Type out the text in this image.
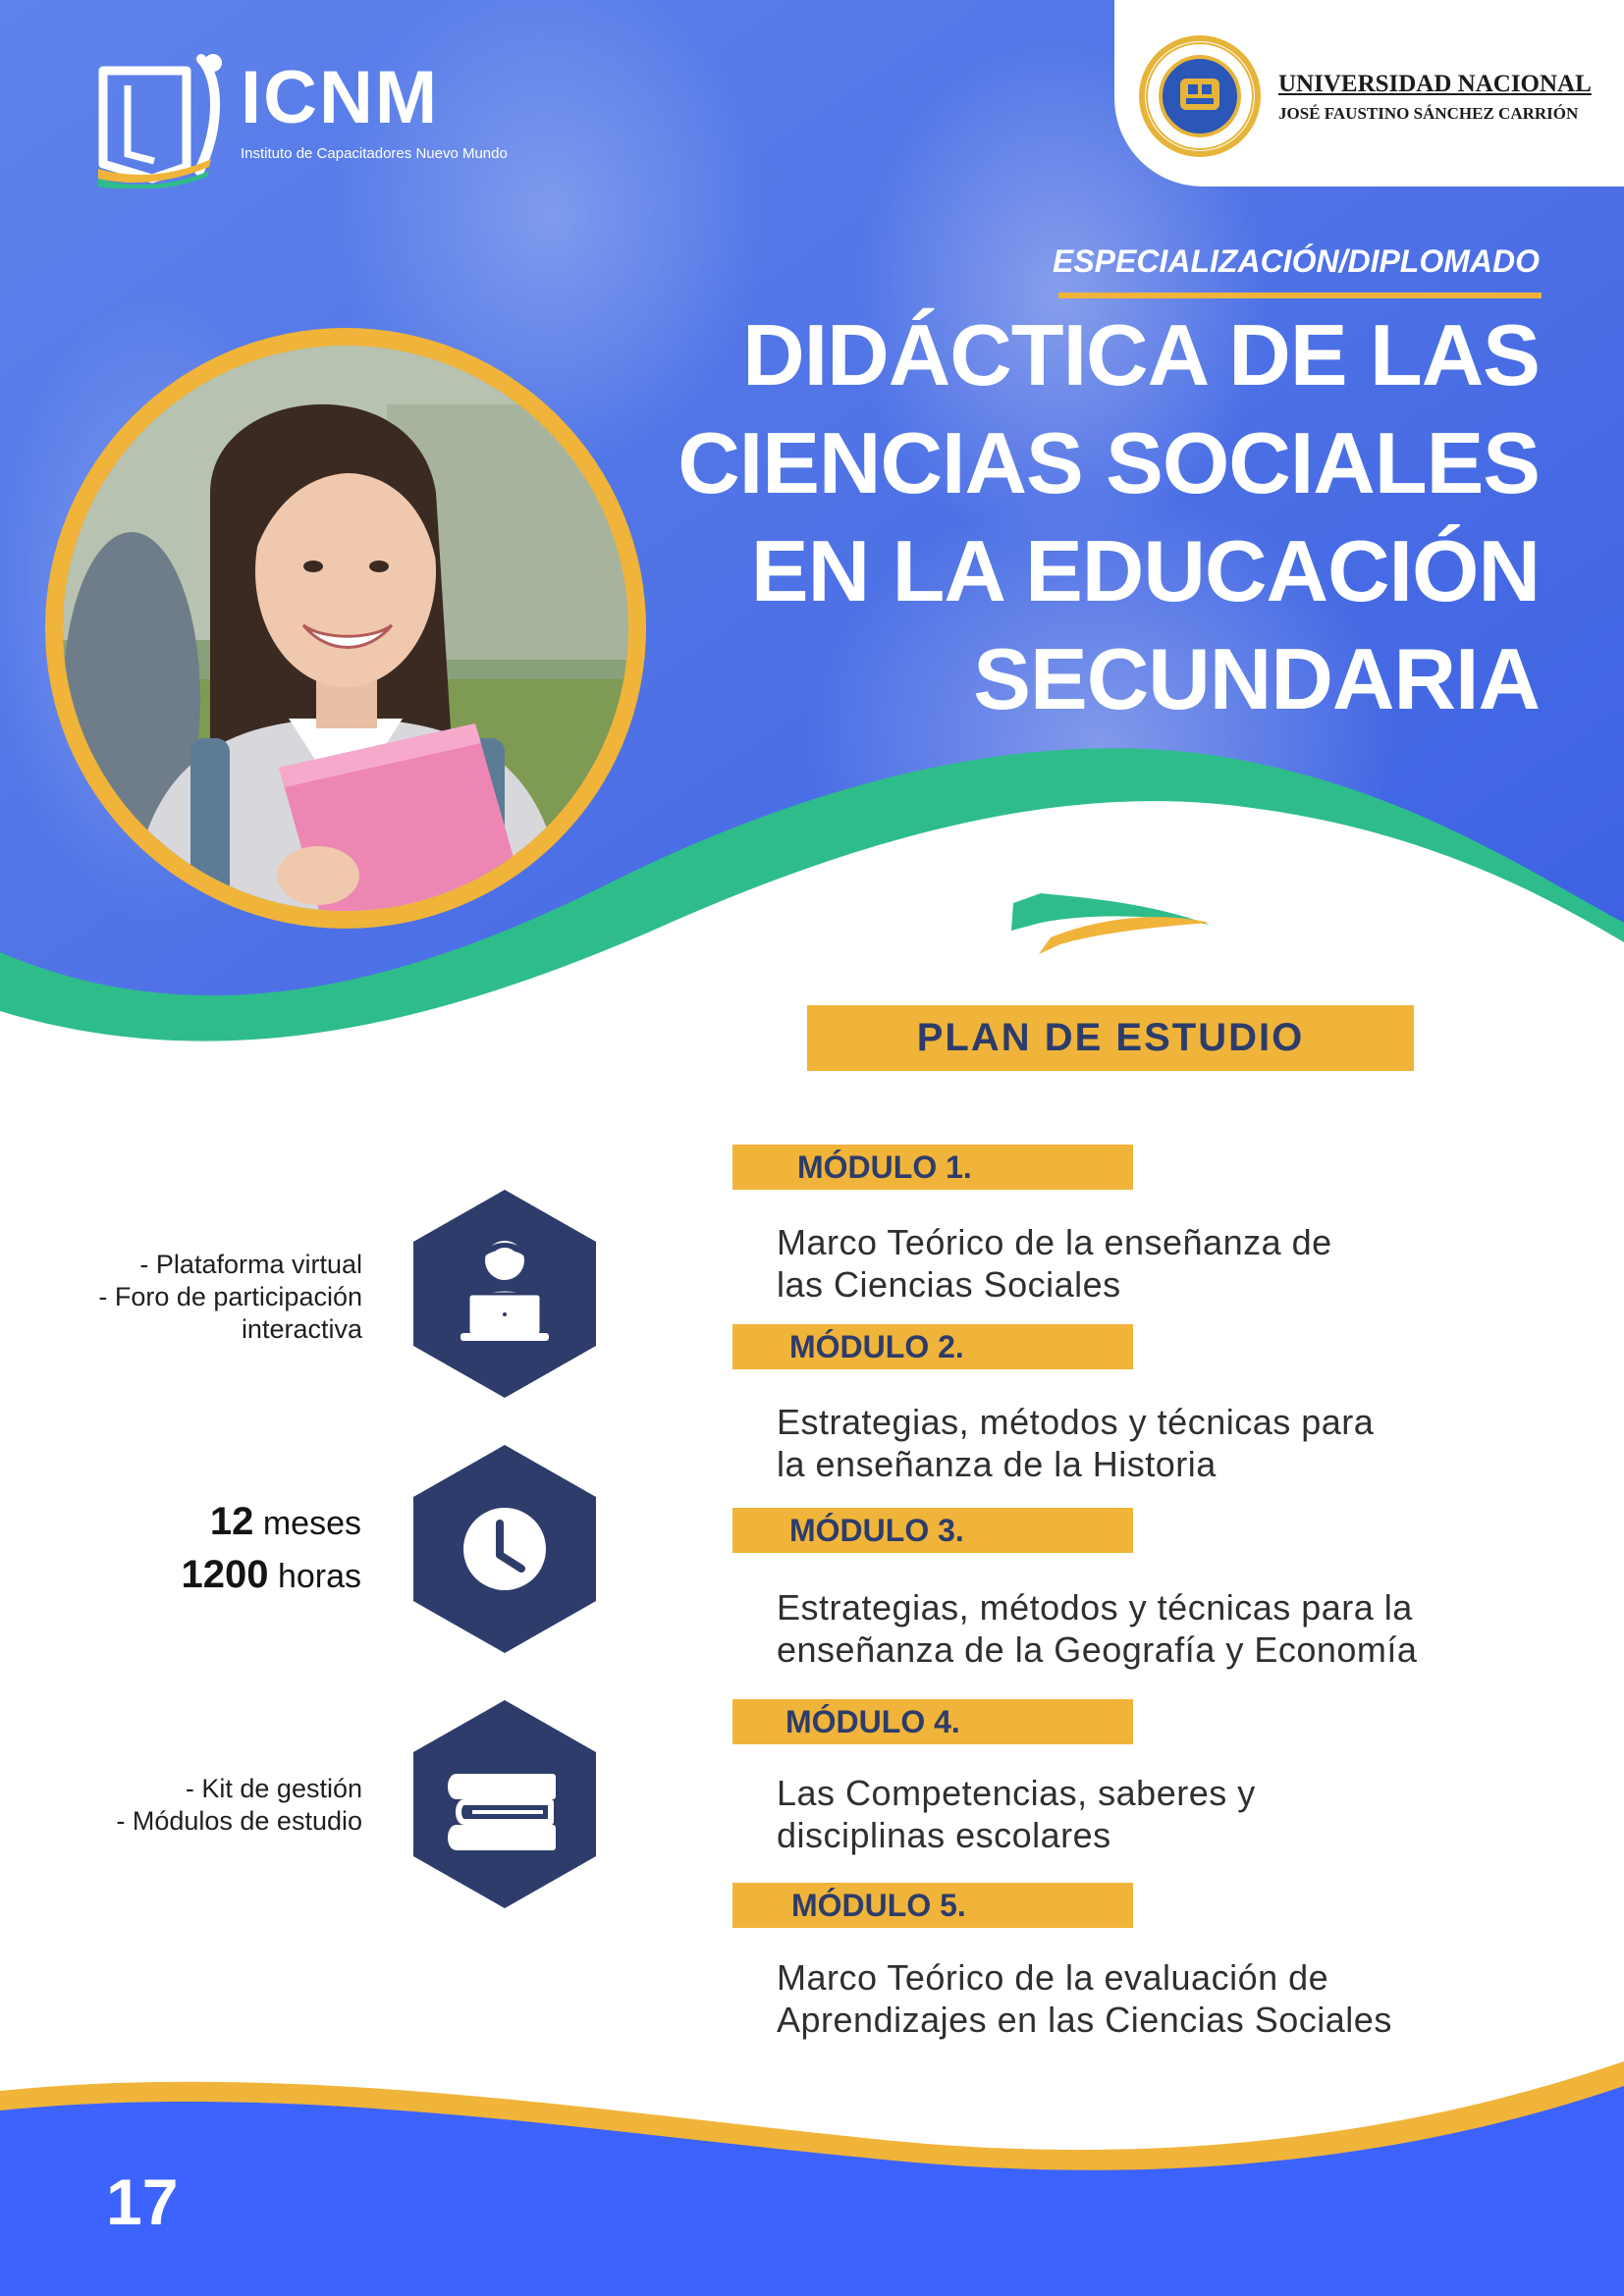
ICNM
Instituto de Capacitadores Nuevo Mundo
UNIVERSIDAD NACIONAL
JOSÉ FAUSTINO SÁNCHEZ CARRIÓN
ESPECIALIZACIÓN/DIPLOMADO
DIDÁCTICA DE LAS
CIENCIAS SOCIALES
EN LA EDUCACIÓN
SECUNDARIA
PLAN DE ESTUDIO
MÓDULO 1.
Marco Teórico de la enseñanza de
las Ciencias Sociales
MÓDULO 2.
Estrategias, métodos y técnicas para
la enseñanza de la Historia
MÓDULO 3.
Estrategias, métodos y técnicas para la
enseñanza de la Geografía y Economía
MÓDULO 4.
Las Competencias, saberes y
disciplinas escolares
MÓDULO 5.
Marco Teórico de la evaluación de
Aprendizajes en las Ciencias Sociales
- Plataforma virtual
- Foro de participación
interactiva
12 meses
1200 horas
- Kit de gestión
- Módulos de estudio
17
